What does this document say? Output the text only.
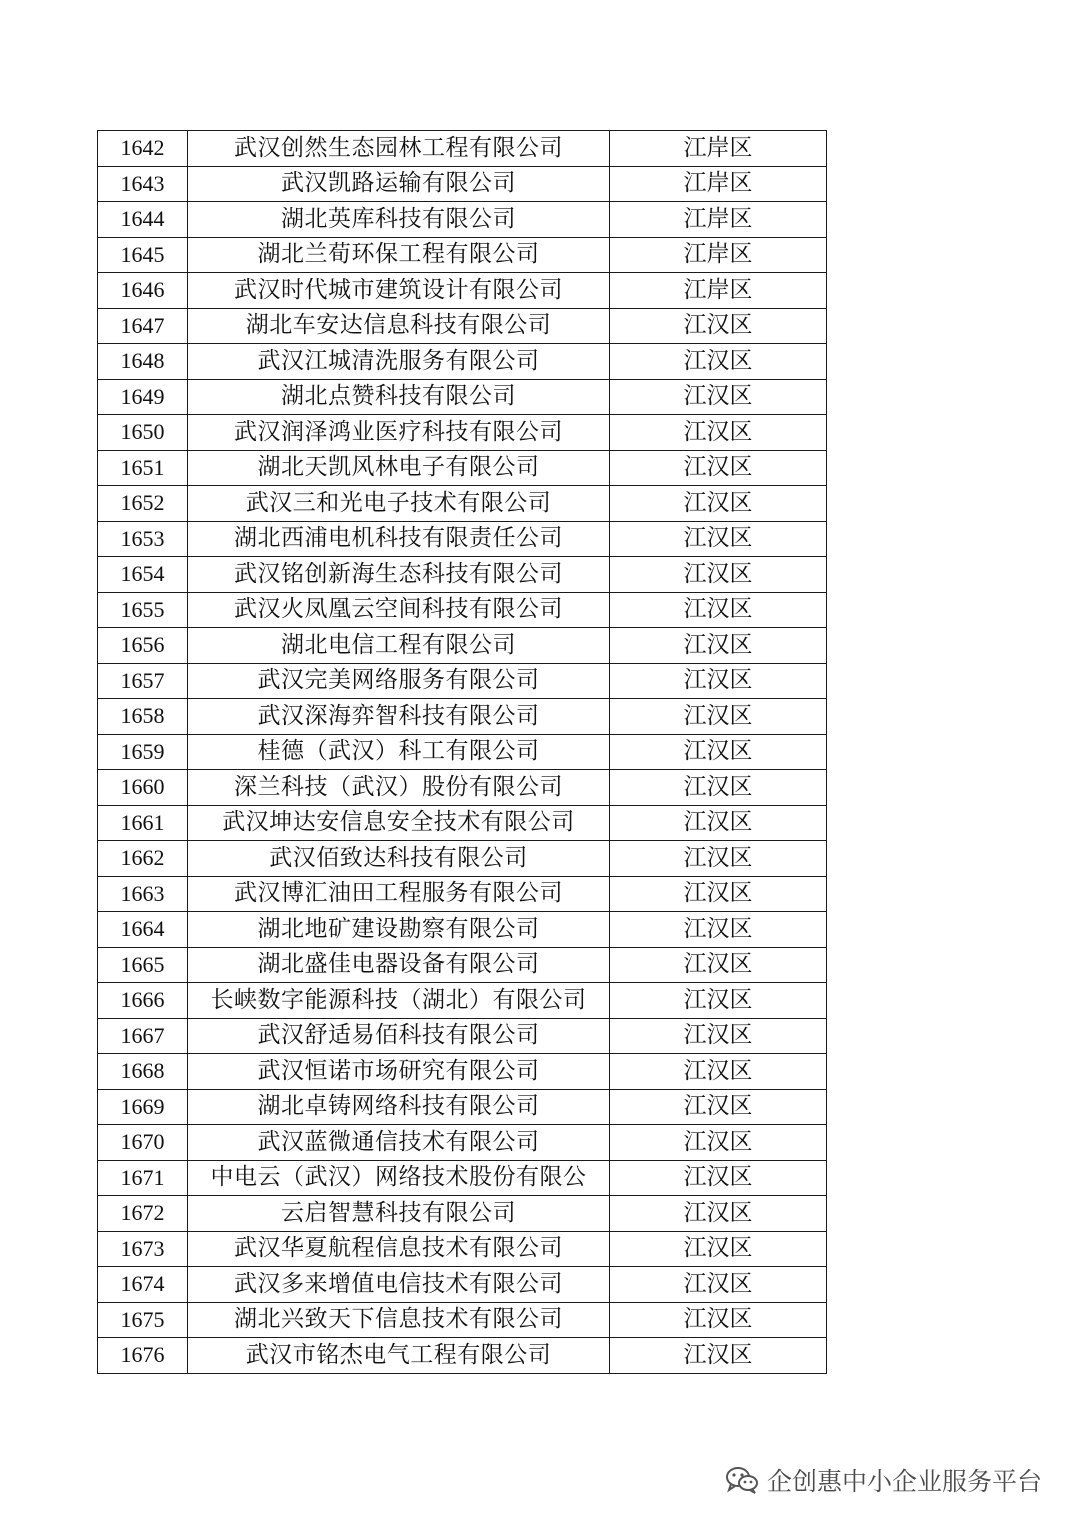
1642	武汉创然生态园林工程有限公司	江岸区
1643	武汉凯路运输有限公司	江岸区
1644	湖北英库科技有限公司	江岸区
1645	湖北兰荀环保工程有限公司	江岸区
1646	武汉时代城市建筑设计有限公司	江岸区
1647	湖北车安达信息科技有限公司	江汉区
1648	武汉江城清洗服务有限公司	江汉区
1649	湖北点赞科技有限公司	江汉区
1650	武汉润泽鸿业医疗科技有限公司	江汉区
1651	湖北天凯风林电子有限公司	江汉区
1652	武汉三和光电子技术有限公司	江汉区
1653	湖北西浦电机科技有限责任公司	江汉区
1654	武汉铭创新海生态科技有限公司	江汉区
1655	武汉火凤凰云空间科技有限公司	江汉区
1656	湖北电信工程有限公司	江汉区
1657	武汉完美网络服务有限公司	江汉区
1658	武汉深海弈智科技有限公司	江汉区
1659	桂德（武汉）科工有限公司	江汉区
1660	深兰科技（武汉）股份有限公司	江汉区
1661	武汉坤达安信息安全技术有限公司	江汉区
1662	武汉佰致达科技有限公司	江汉区
1663	武汉博汇油田工程服务有限公司	江汉区
1664	湖北地矿建设勘察有限公司	江汉区
1665	湖北盛佳电器设备有限公司	江汉区
1666	长峡数字能源科技（湖北）有限公司	江汉区
1667	武汉舒适易佰科技有限公司	江汉区
1668	武汉恒诺市场研究有限公司	江汉区
1669	湖北卓铸网络科技有限公司	江汉区
1670	武汉蓝微通信技术有限公司	江汉区
1671	中电云（武汉）网络技术股份有限公	江汉区
1672	云启智慧科技有限公司	江汉区
1673	武汉华夏航程信息技术有限公司	江汉区
1674	武汉多来增值电信技术有限公司	江汉区
1675	湖北兴致天下信息技术有限公司	江汉区
1676	武汉市铭杰电气工程有限公司	江汉区
企创惠中小企业服务平台
